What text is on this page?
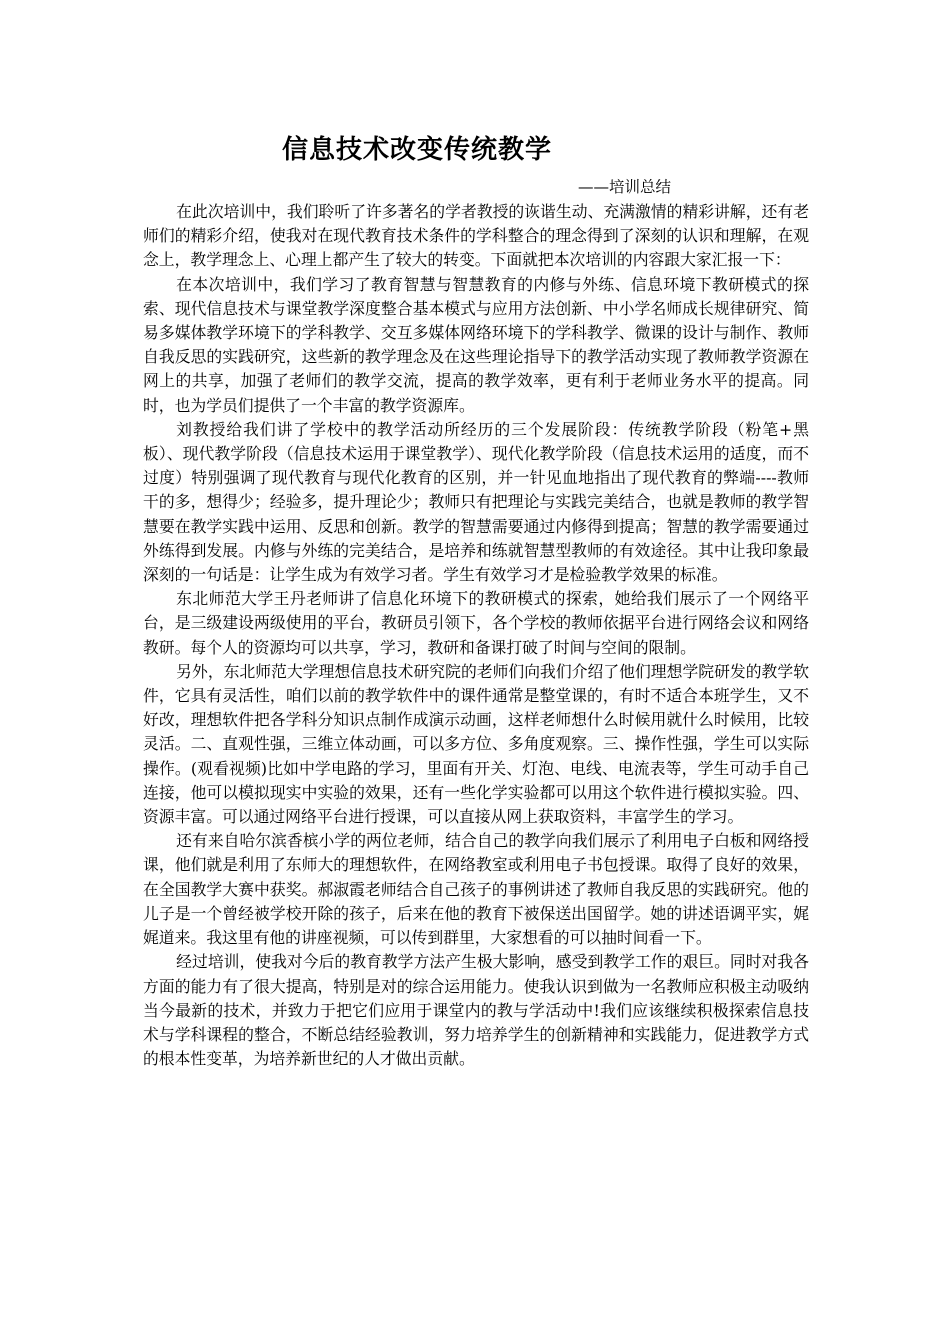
信息技术改变传统教学

——培训总结

在此次培训中，我们聆听了许多著名的学者教授的诙谐生动、充满激情的精彩讲解，还有老师们的精彩介绍，使我对在现代教育技术条件的学科整合的理念得到了深刻的认识和理解，在观念上，教学理念上、心理上都产生了较大的转变。下面就把本次培训的内容跟大家汇报一下：

在本次培训中，我们学习了教育智慧与智慧教育的内修与外练、信息环境下教研模式的探索、现代信息技术与课堂教学深度整合基本模式与应用方法创新、中小学名师成长规律研究、简易多媒体教学环境下的学科教学、交互多媒体网络环境下的学科教学、微课的设计与制作、教师自我反思的实践研究，这些新的教学理念及在这些理论指导下的教学活动实现了教师教学资源在网上的共享，加强了老师们的教学交流，提高的教学效率，更有利于老师业务水平的提高。同时，也为学员们提供了一个丰富的教学资源库。

刘教授给我们讲了学校中的教学活动所经历的三个发展阶段：传统教学阶段（粉笔+黑板）、现代教学阶段（信息技术运用于课堂教学）、现代化教学阶段（信息技术运用的适度，而不过度）特别强调了现代教育与现代化教育的区别，并一针见血地指出了现代教育的弊端----教师干的多，想得少；经验多，提升理论少；教师只有把理论与实践完美结合，也就是教师的教学智慧要在教学实践中运用、反思和创新。教学的智慧需要通过内修得到提高；智慧的教学需要通过外练得到发展。内修与外练的完美结合，是培养和练就智慧型教师的有效途径。其中让我印象最深刻的一句话是：让学生成为有效学习者。学生有效学习才是检验教学效果的标准。

东北师范大学王丹老师讲了信息化环境下的教研模式的探索，她给我们展示了一个网络平台，是三级建设两级使用的平台，教研员引领下，各个学校的教师依据平台进行网络会议和网络教研。每个人的资源均可以共享，学习，教研和备课打破了时间与空间的限制。

另外，东北师范大学理想信息技术研究院的老师们向我们介绍了他们理想学院研发的教学软件，它具有灵活性，咱们以前的教学软件中的课件通常是整堂课的，有时不适合本班学生，又不好改，理想软件把各学科分知识点制作成演示动画，这样老师想什么时候用就什么时候用，比较灵活。二、直观性强，三维立体动画，可以多方位、多角度观察。三、操作性强，学生可以实际操作。(观看视频)比如中学电路的学习，里面有开关、灯泡、电线、电流表等，学生可动手自己连接，他可以模拟现实中实验的效果，还有一些化学实验都可以用这个软件进行模拟实验。四、资源丰富。可以通过网络平台进行授课，可以直接从网上获取资料，丰富学生的学习。

还有来自哈尔滨香槟小学的两位老师，结合自己的教学向我们展示了利用电子白板和网络授课，他们就是利用了东师大的理想软件，在网络教室或利用电子书包授课。取得了良好的效果，在全国教学大赛中获奖。郝淑霞老师结合自己孩子的事例讲述了教师自我反思的实践研究。他的儿子是一个曾经被学校开除的孩子，后来在他的教育下被保送出国留学。她的讲述语调平实，娓娓道来。我这里有他的讲座视频，可以传到群里，大家想看的可以抽时间看一下。

经过培训，使我对今后的教育教学方法产生极大影响，感受到教学工作的艰巨。同时对我各方面的能力有了很大提高，特别是对的综合运用能力。使我认识到做为一名教师应积极主动吸纳当今最新的技术，并致力于把它们应用于课堂内的教与学活动中!我们应该继续积极探索信息技术与学科课程的整合，不断总结经验教训，努力培养学生的创新精神和实践能力，促进教学方式的根本性变革，为培养新世纪的人才做出贡献。
